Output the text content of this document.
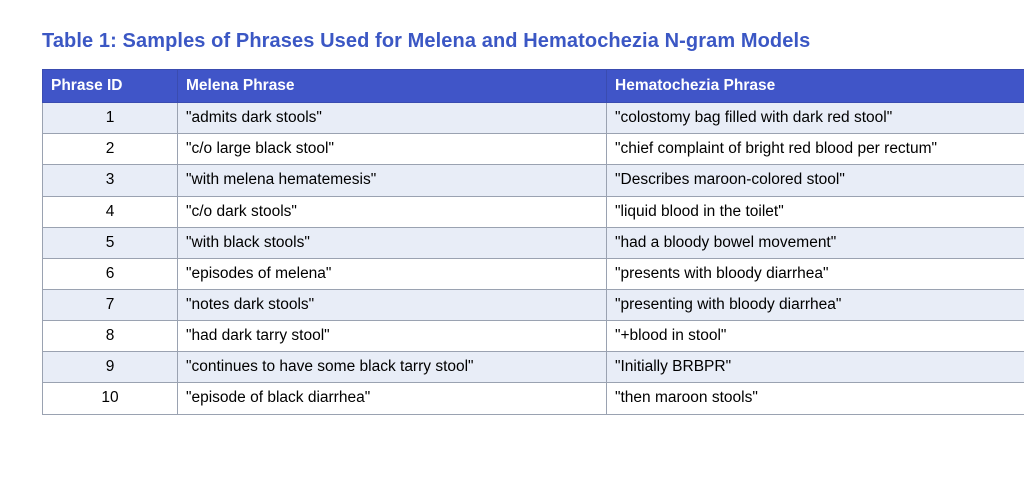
Table 1: Samples of Phrases Used for Melena and Hematochezia N-gram Models
Phrase ID	Melena Phrase	Hematochezia Phrase
1	"admits dark stools"	"colostomy bag filled with dark red stool"
2	"c/o large black stool"	"chief complaint of bright red blood per rectum"
3	"with melena hematemesis"	"Describes maroon-colored stool"
4	"c/o dark stools"	"liquid blood in the toilet"
5	"with black stools"	"had a bloody bowel movement"
6	"episodes of melena"	"presents with bloody diarrhea"
7	"notes dark stools"	"presenting with bloody diarrhea"
8	"had dark tarry stool"	"+blood in stool"
9	"continues to have some black tarry stool"	"Initially BRBPR"
10	"episode of black diarrhea"	"then maroon stools"
